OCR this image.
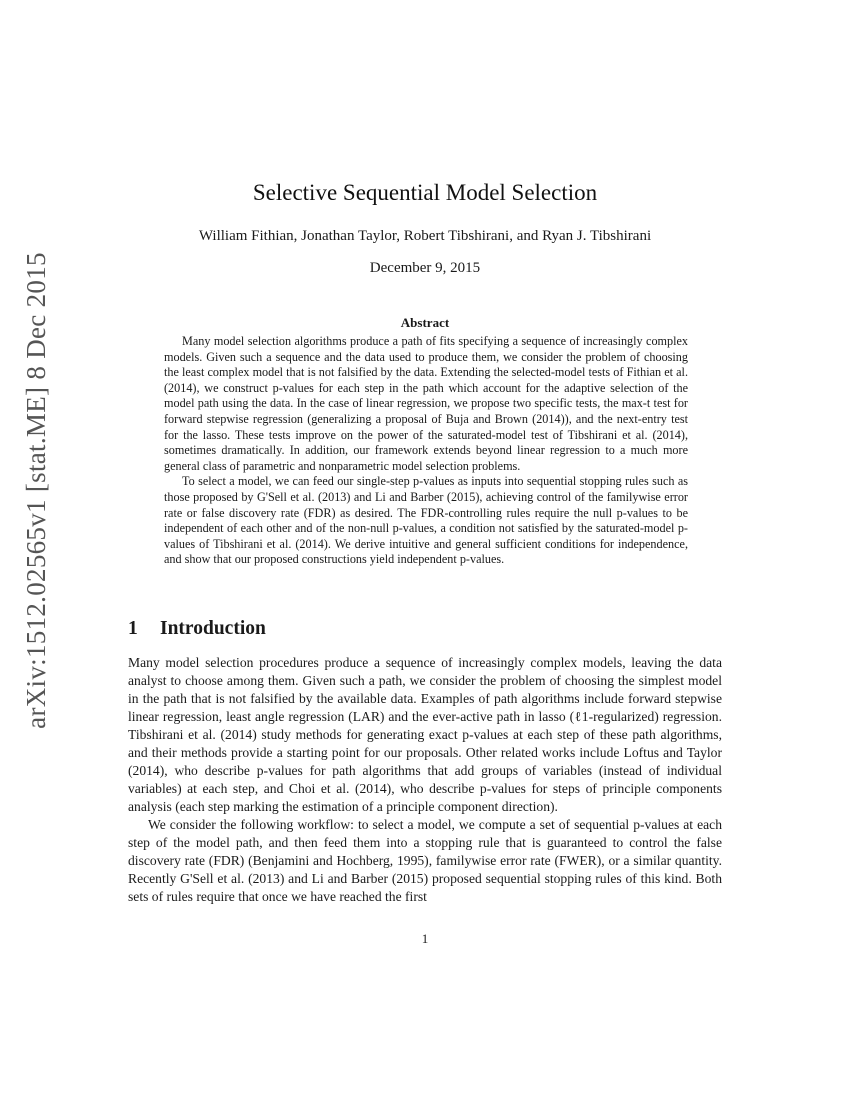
arXiv:1512.02565v1 [stat.ME] 8 Dec 2015
Selective Sequential Model Selection
William Fithian, Jonathan Taylor, Robert Tibshirani, and Ryan J. Tibshirani
December 9, 2015
Abstract

Many model selection algorithms produce a path of fits specifying a sequence of increasingly complex models. Given such a sequence and the data used to produce them, we consider the problem of choosing the least complex model that is not falsified by the data. Extending the selected-model tests of Fithian et al. (2014), we construct p-values for each step in the path which account for the adaptive selection of the model path using the data. In the case of linear regression, we propose two specific tests, the max-t test for forward stepwise regression (generalizing a proposal of Buja and Brown (2014)), and the next-entry test for the lasso. These tests improve on the power of the saturated-model test of Tibshirani et al. (2014), sometimes dramatically. In addition, our framework extends beyond linear regression to a much more general class of parametric and nonparametric model selection problems.

To select a model, we can feed our single-step p-values as inputs into sequential stopping rules such as those proposed by G'Sell et al. (2013) and Li and Barber (2015), achieving control of the familywise error rate or false discovery rate (FDR) as desired. The FDR-controlling rules require the null p-values to be independent of each other and of the non-null p-values, a condition not satisfied by the saturated-model p-values of Tibshirani et al. (2014). We derive intuitive and general sufficient conditions for independence, and show that our proposed constructions yield independent p-values.

1 Introduction

Many model selection procedures produce a sequence of increasingly complex models, leaving the data analyst to choose among them. Given such a path, we consider the problem of choosing the simplest model in the path that is not falsified by the available data. Examples of path algorithms include forward stepwise linear regression, least angle regression (LAR) and the ever-active path in lasso (ℓ1-regularized) regression. Tibshirani et al. (2014) study methods for generating exact p-values at each step of these path algorithms, and their methods provide a starting point for our proposals. Other related works include Loftus and Taylor (2014), who describe p-values for path algorithms that add groups of variables (instead of individual variables) at each step, and Choi et al. (2014), who describe p-values for steps of principle components analysis (each step marking the estimation of a principle component direction).

We consider the following workflow: to select a model, we compute a set of sequential p-values at each step of the model path, and then feed them into a stopping rule that is guaranteed to control the false discovery rate (FDR) (Benjamini and Hochberg, 1995), familywise error rate (FWER), or a similar quantity. Recently G'Sell et al. (2013) and Li and Barber (2015) proposed sequential stopping rules of this kind. Both sets of rules require that once we have reached the first

1
